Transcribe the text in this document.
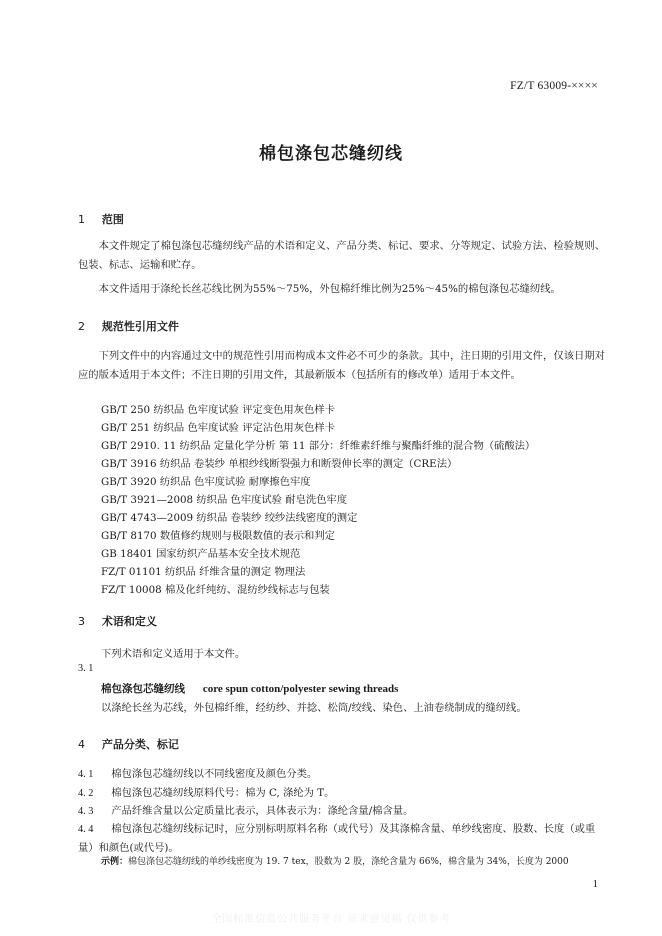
FZ/T 63009-××××
棉包涤包芯缝纫线
1 范围
本文件规定了棉包涤包芯缝纫线产品的术语和定义、产品分类、标记、要求、分等规定、试验方法、检验规则、包装、标志、运输和贮存。
本文件适用于涤纶长丝芯线比例为55%～75%，外包棉纤维比例为25%～45%的棉包涤包芯缝纫线。
2 规范性引用文件
下列文件中的内容通过文中的规范性引用而构成本文件必不可少的条款。其中，注日期的引用文件，仅该日期对应的版本适用于本文件；不注日期的引用文件，其最新版本（包括所有的修改单）适用于本文件。
GB/T 250 纺织品 色牢度试验 评定变色用灰色样卡
GB/T 251 纺织品 色牢度试验 评定沾色用灰色样卡
GB/T 2910. 11 纺织品 定量化学分析 第 11 部分：纤维素纤维与聚酯纤维的混合物（硫酸法）
GB/T 3916 纺织品 卷装纱 单根纱线断裂强力和断裂伸长率的测定（CRE法）
GB/T 3920 纺织品 色牢度试验 耐摩擦色牢度
GB/T 3921—2008 纺织品 色牢度试验 耐皂洗色牢度
GB/T 4743—2009 纺织品 卷装纱 绞纱法线密度的测定
GB/T 8170 数值修约规则与极限数值的表示和判定
GB 18401 国家纺织产品基本安全技术规范
FZ/T 01101 纺织品 纤维含量的测定 物理法
FZ/T 10008 棉及化纤纯纺、混纺纱线标志与包装
3 术语和定义
下列术语和定义适用于本文件。
3. 1
棉包涤包芯缝纫线 core spun cotton/polyester sewing threads
以涤纶长丝为芯线，外包棉纤维，经纺纱、并捻、松筒/绞线、染色、上油卷绕制成的缝纫线。
4 产品分类、标记
4. 1 棉包涤包芯缝纫线以不同线密度及颜色分类。
4. 2 棉包涤包芯缝纫线原料代号：棉为 C, 涤纶为 T。
4. 3 产品纤维含量以公定质量比表示，具体表示为：涤纶含量/棉含量。
4. 4 棉包涤包芯缝纫线标记时，应分别标明原料名称（或代号）及其涤棉含量、单纱线密度、股数、长度（或重量）和颜色(或代号)。
示例：棉包涤包芯缝纫线的单纱线密度为 19. 7 tex，股数为 2 股，涤纶含量为 66%，棉含量为 34%，长度为 2000
1
全国标准信息公共服务平台 征求意见稿 仅供参考
